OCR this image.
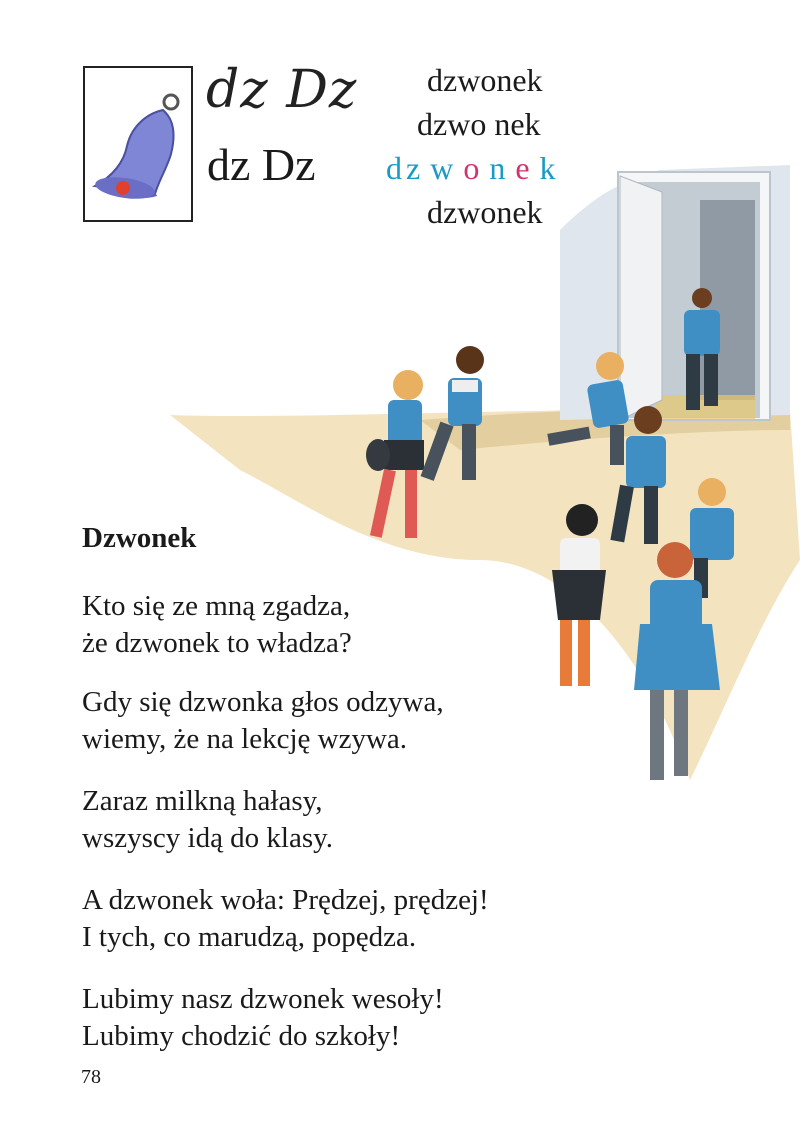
dz Dz
dz Dz
dzwonek
dzwo nek
dz w o n e k
dzwonek
Dzwonek
Kto się ze mną zgadza,
że dzwonek to władza?
Gdy się dzwonka głos odzywa,
wiemy, że na lekcję wzywa.
Zaraz milkną hałasy,
wszyscy idą do klasy.
A dzwonek woła: Prędzej, prędzej!
I tych, co marudzą, popędza.
Lubimy nasz dzwonek wesoły!
Lubimy chodzić do szkoły!
78
